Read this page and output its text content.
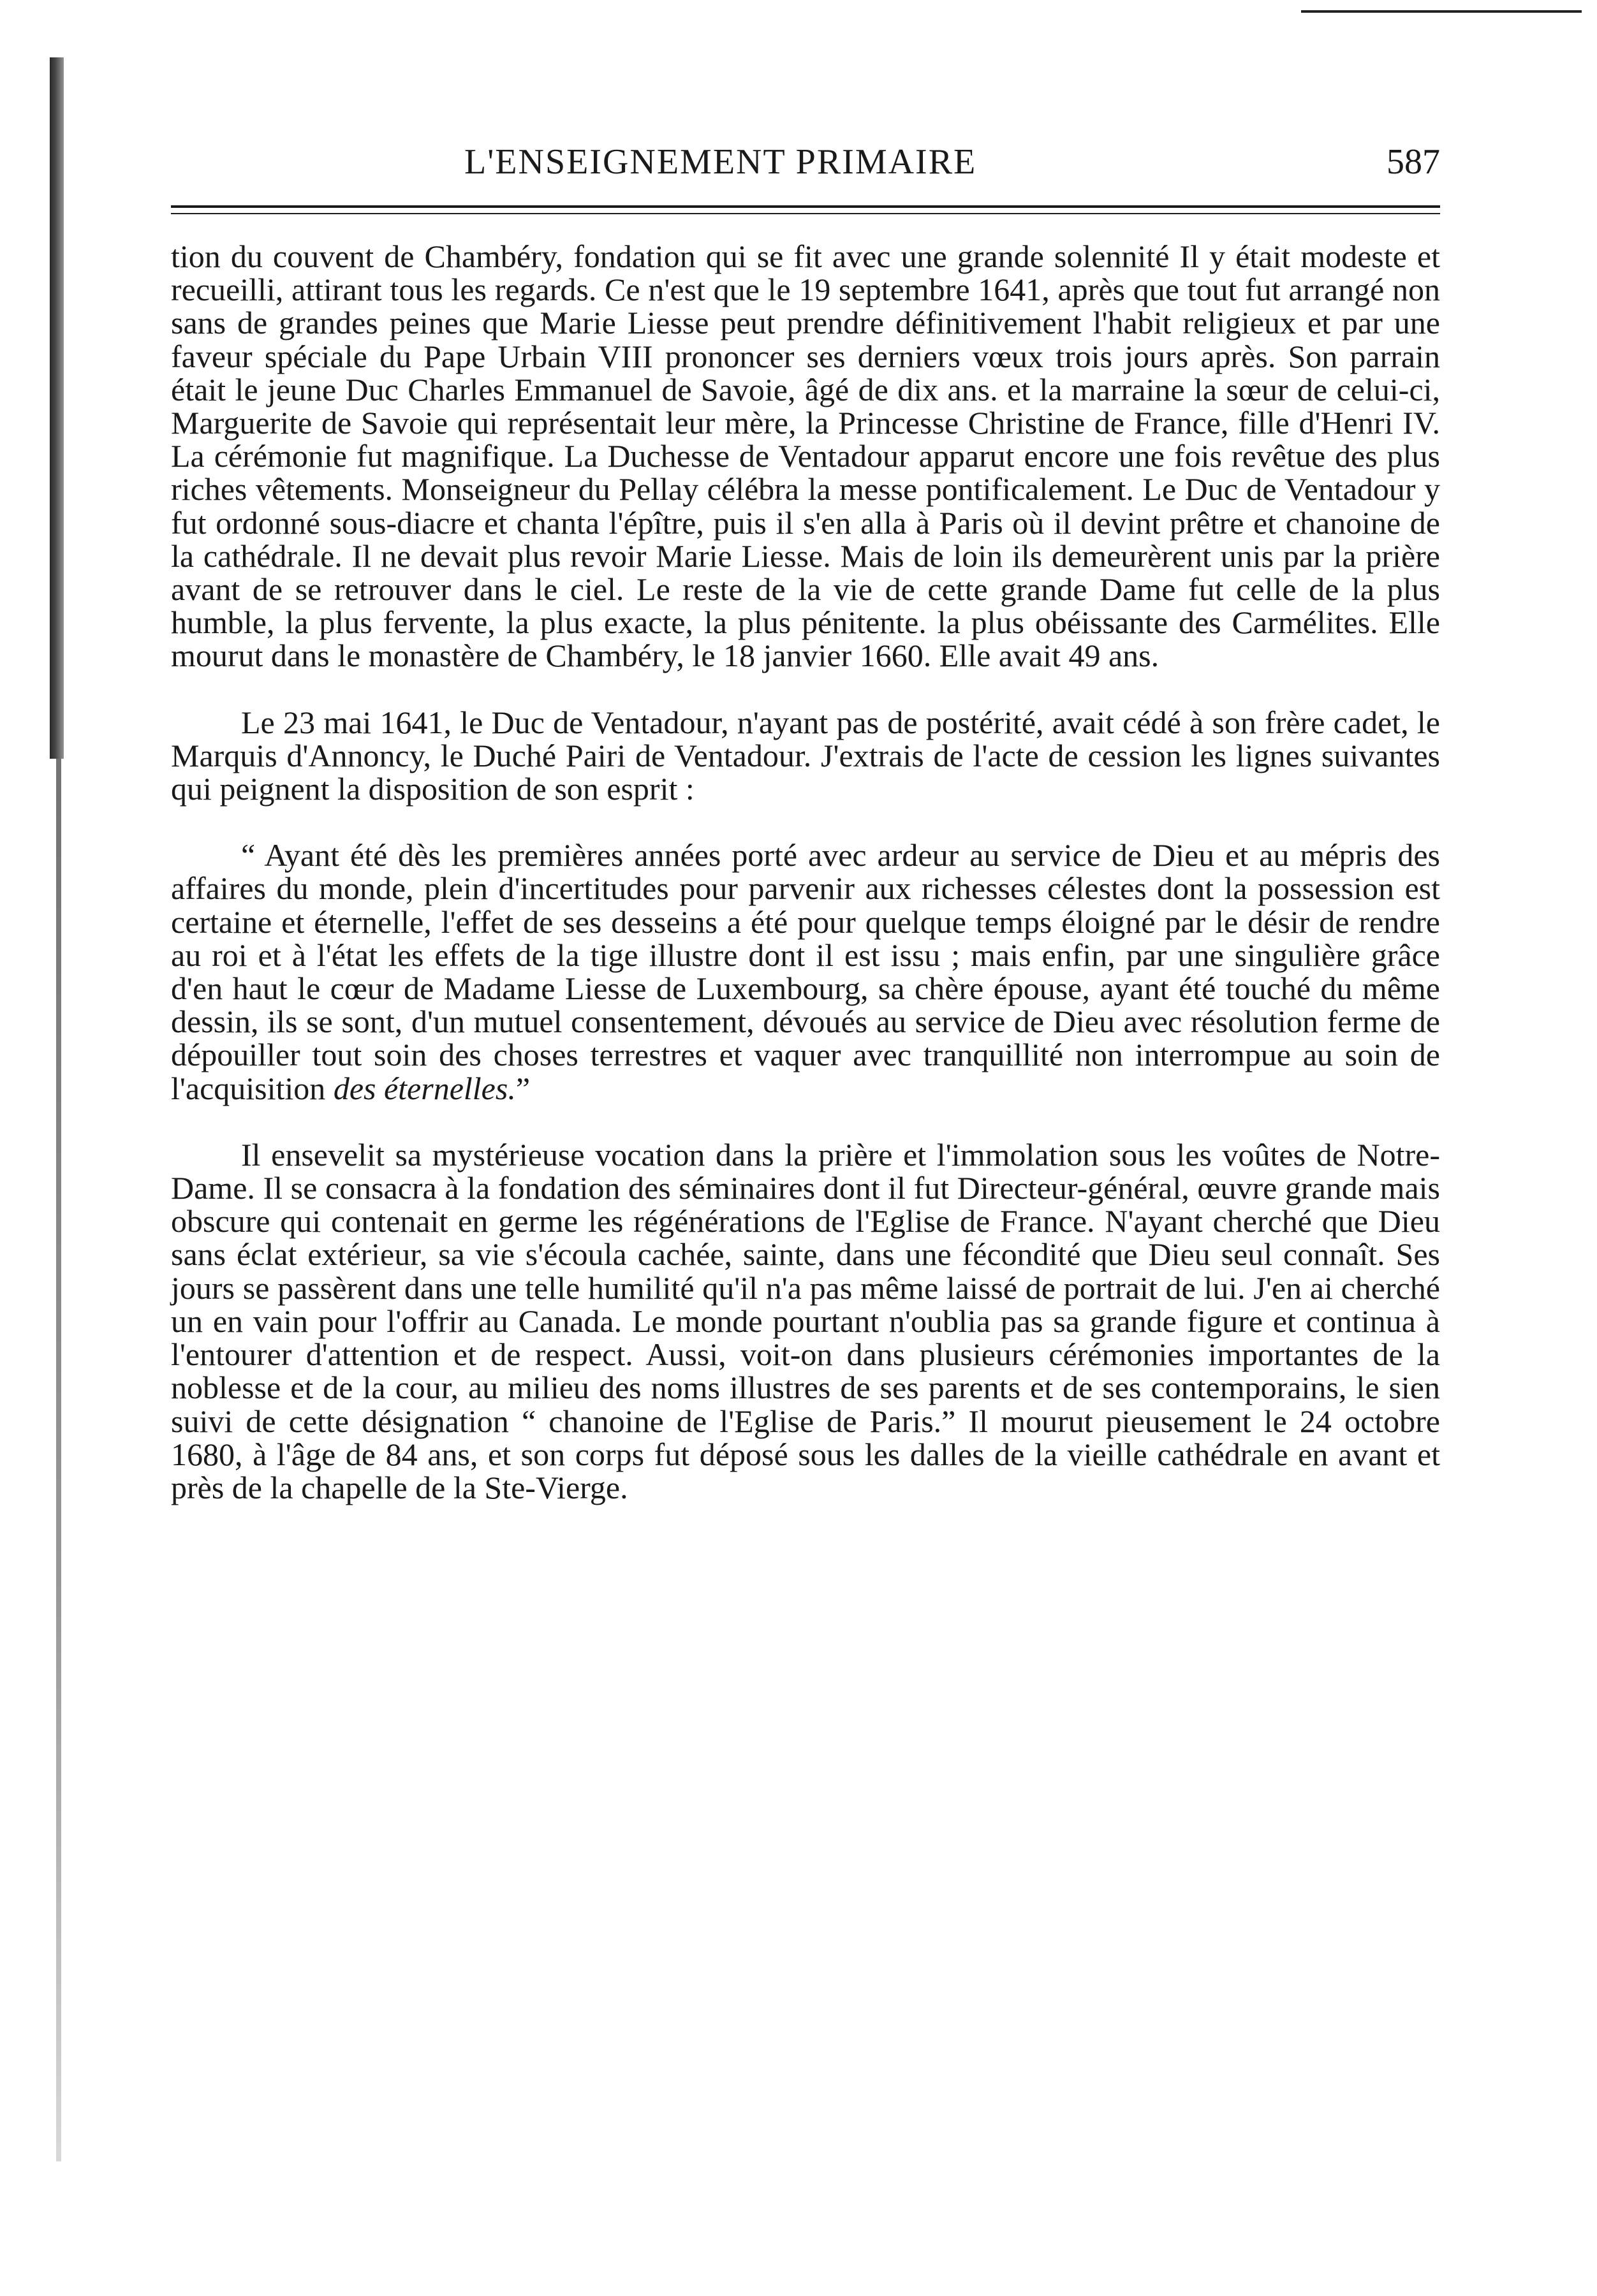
L'ENSEIGNEMENT PRIMAIRE	587

tion du couvent de Chambéry, fondation qui se fit avec une grande solennité Il y était modeste et recueilli, attirant tous les regards. Ce n'est que le 19 septembre 1641, après que tout fut arrangé non sans de grandes peines que Marie Liesse peut prendre définitivement l'habit religieux et par une faveur spéciale du Pape Urbain VIII prononcer ses derniers vœux trois jours après. Son parrain était le jeune Duc Charles Emmanuel de Savoie, âgé de dix ans. et la marraine la sœur de celui-ci, Marguerite de Savoie qui représentait leur mère, la Princesse Christine de France, fille d'Henri IV. La cérémonie fut magnifique. La Duchesse de Ventadour apparut encore une fois revêtue des plus riches vêtements. Monseigneur du Pellay célébra la messe pontificalement. Le Duc de Ventadour y fut ordonné sous-diacre et chanta l'épître, puis il s'en alla à Paris où il devint prêtre et chanoine de la cathédrale. Il ne devait plus revoir Marie Liesse. Mais de loin ils demeurèrent unis par la prière avant de se retrouver dans le ciel. Le reste de la vie de cette grande Dame fut celle de la plus humble, la plus fervente, la plus exacte, la plus pénitente. la plus obéissante des Carmélites. Elle mourut dans le monastère de Chambéry, le 18 janvier 1660. Elle avait 49 ans.

Le 23 mai 1641, le Duc de Ventadour, n'ayant pas de postérité, avait cédé à son frère cadet, le Marquis d'Annoncy, le Duché Pairi de Ventadour. J'extrais de l'acte de cession les lignes suivantes qui peignent la disposition de son esprit :

“ Ayant été dès les premières années porté avec ardeur au service de Dieu et au mépris des affaires du monde, plein d'incertitudes pour parvenir aux richesses célestes dont la possession est certaine et éternelle, l'effet de ses desseins a été pour quelque temps éloigné par le désir de rendre au roi et à l'état les effets de la tige illustre dont il est issu ; mais enfin, par une singulière grâce d'en haut le cœur de Madame Liesse de Luxembourg, sa chère épouse, ayant été touché du même dessin, ils se sont, d'un mutuel consentement, dévoués au service de Dieu avec résolution ferme de dépouiller tout soin des choses terrestres et vaquer avec tranquillité non interrompue au soin de l'acquisition des éternelles.”

Il ensevelit sa mystérieuse vocation dans la prière et l'immolation sous les voûtes de Notre-Dame. Il se consacra à la fondation des séminaires dont il fut Directeur-général, œuvre grande mais obscure qui contenait en germe les régénérations de l'Eglise de France. N'ayant cherché que Dieu sans éclat extérieur, sa vie s'écoula cachée, sainte, dans une fécondité que Dieu seul connaît. Ses jours se passèrent dans une telle humilité qu'il n'a pas même laissé de portrait de lui. J'en ai cherché un en vain pour l'offrir au Canada. Le monde pourtant n'oublia pas sa grande figure et continua à l'entourer d'attention et de respect. Aussi, voit-on dans plusieurs cérémonies importantes de la noblesse et de la cour, au milieu des noms illustres de ses parents et de ses contemporains, le sien suivi de cette désignation “ chanoine de l'Eglise de Paris.” Il mourut pieusement le 24 octobre 1680, à l'âge de 84 ans, et son corps fut déposé sous les dalles de la vieille cathédrale en avant et près de la chapelle de la Ste-Vierge.
